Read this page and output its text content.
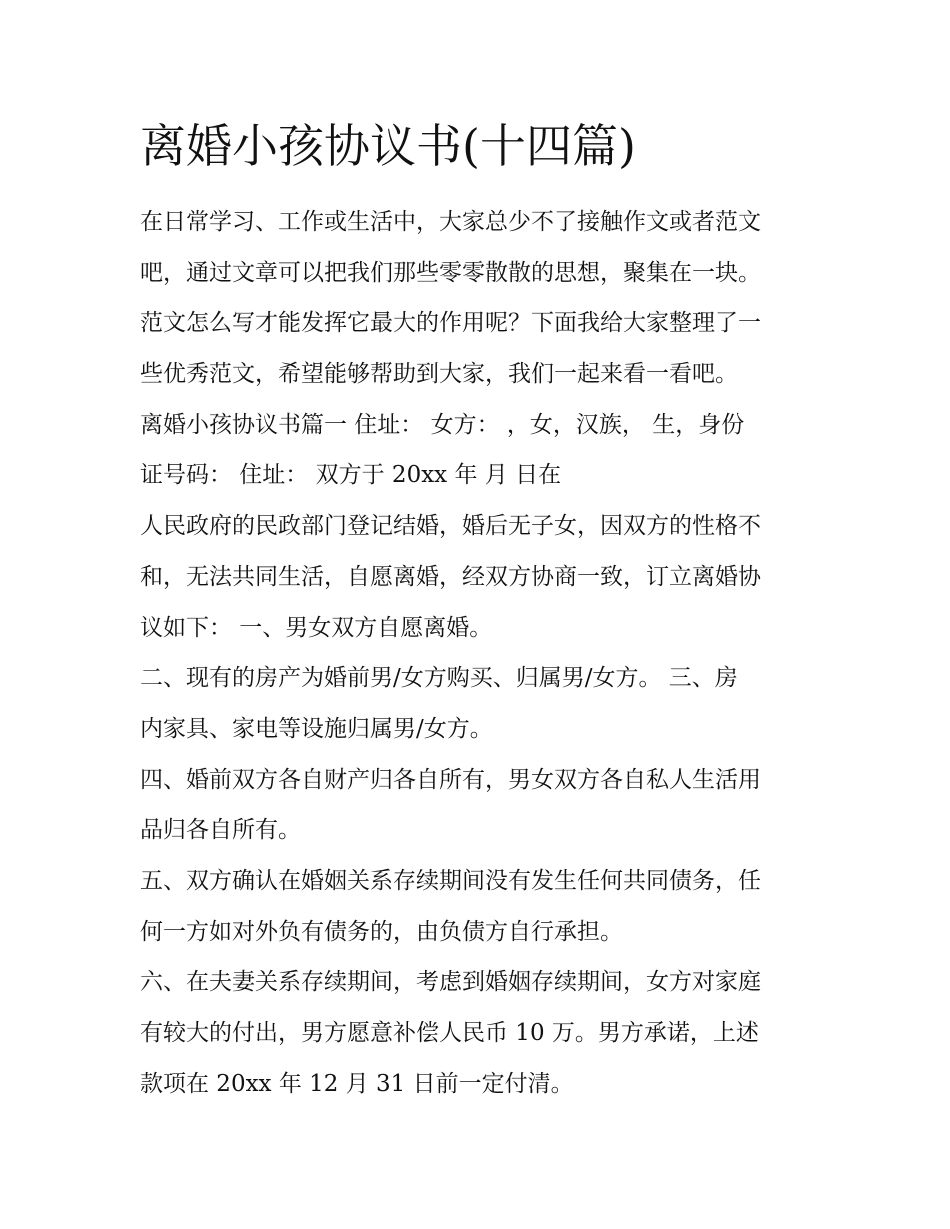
离婚小孩协议书(十四篇)

在日常学习、工作或生活中，大家总少不了接触作文或者范文

吧，通过文章可以把我们那些零零散散的思想，聚集在一块。

范文怎么写才能发挥它最大的作用呢？下面我给大家整理了一

些优秀范文，希望能够帮助到大家，我们一起来看一看吧。

离婚小孩协议书篇一 住址： 女方： ，女，汉族， 生，身份

证号码： 住址： 双方于 20xx 年 月 日在

人民政府的民政部门登记结婚，婚后无子女，因双方的性格不

和，无法共同生活，自愿离婚，经双方协商一致，订立离婚协

议如下： 一、男女双方自愿离婚。

二、现有的房产为婚前男/女方购买、归属男/女方。 三、房

内家具、家电等设施归属男/女方。

四、婚前双方各自财产归各自所有，男女双方各自私人生活用

品归各自所有。

五、双方确认在婚姻关系存续期间没有发生任何共同债务，任

何一方如对外负有债务的，由负债方自行承担。

六、在夫妻关系存续期间，考虑到婚姻存续期间，女方对家庭

有较大的付出，男方愿意补偿人民币 10 万。男方承诺，上述

款项在 20xx 年 12 月 31 日前一定付清。
